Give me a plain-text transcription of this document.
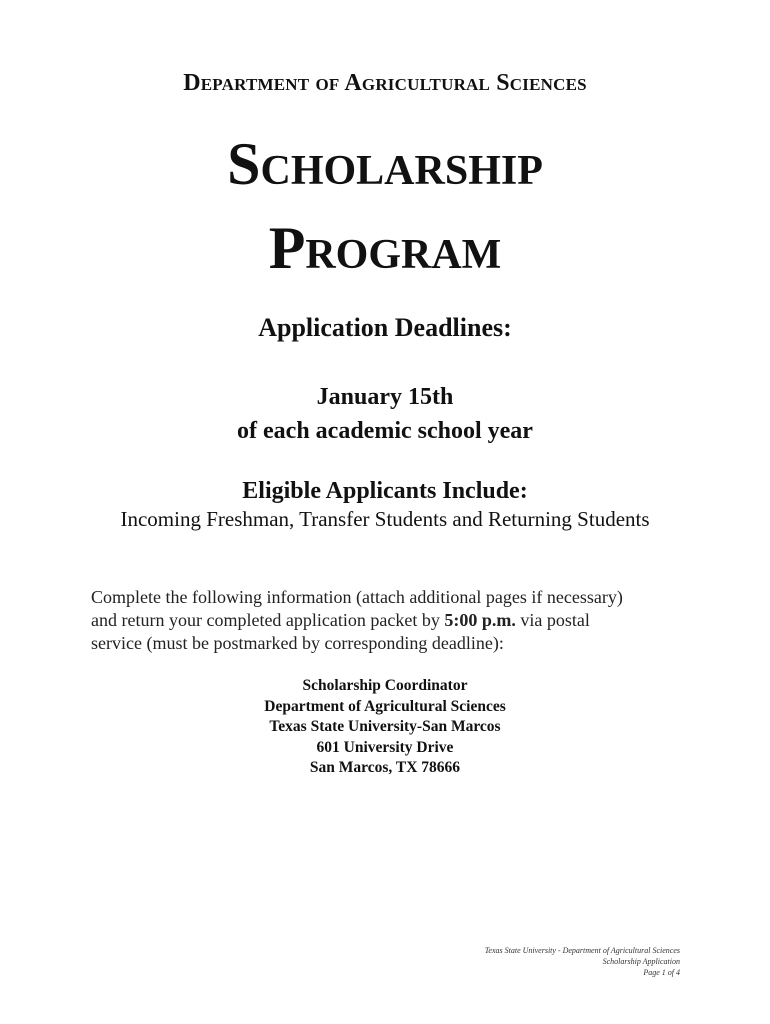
Department of Agricultural Sciences
Scholarship
Program
Application Deadlines:
January 15th
of each academic school year
Eligible Applicants Include:
Incoming Freshman, Transfer Students and Returning Students

Complete the following information (attach additional pages if necessary)

and return your completed application packet by 5:00 p.m. via postal

service (must be postmarked by corresponding deadline):

Scholarship Coordinator
Department of Agricultural Sciences
Texas State University-San Marcos
601 University Drive
San Marcos, TX 78666
Texas State University - Department of Agricultural Sciences
Scholarship Application
Page 1 of 4
